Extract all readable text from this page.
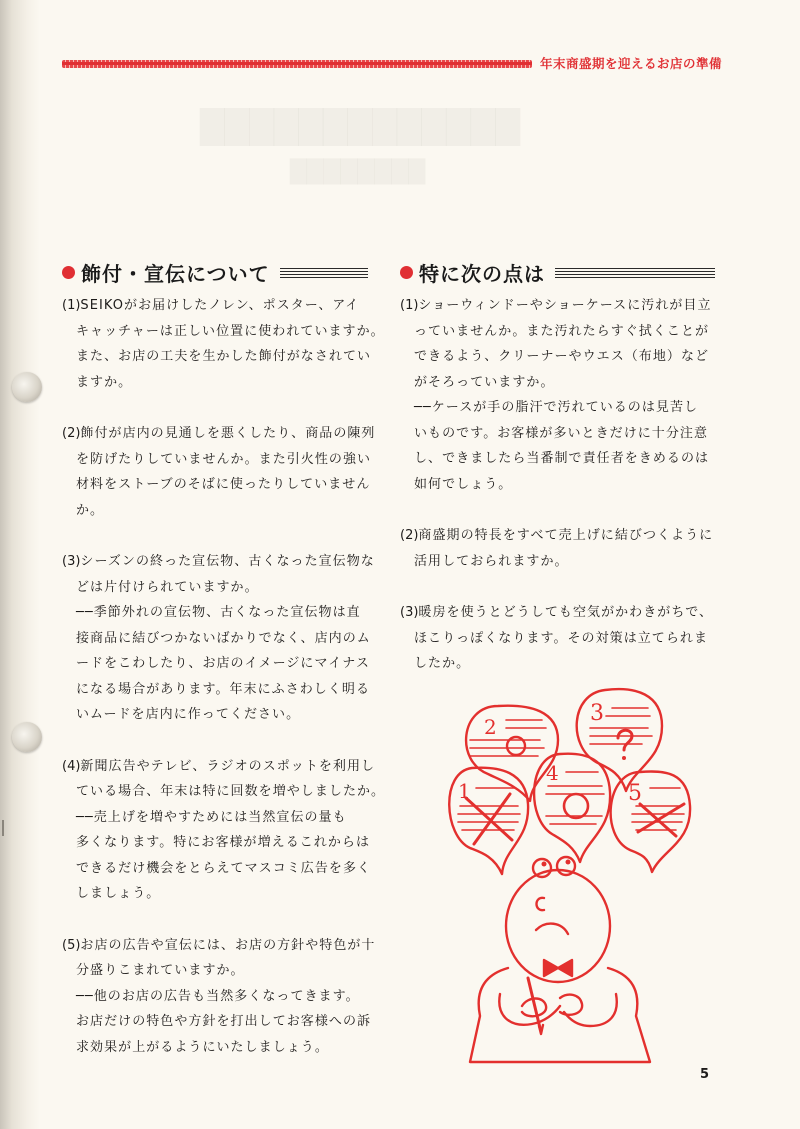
年末商盛期を迎えるお店の準備
█████████████
████████
飾付・宣伝について	特に次の点は
(1)SEIKOがお届けしたノレン、ポスター、アイ
キャッチャーは正しい位置に使われていますか。
また、お店の工夫を生かした飾付がなされてい
ますか。
(2)飾付が店内の見通しを悪くしたり、商品の陳列
を防げたりしていませんか。また引火性の強い
材料をストーブのそばに使ったりしていません
か。
(3)シーズンの終った宣伝物、古くなった宣伝物な
どは片付けられていますか。
──季節外れの宣伝物、古くなった宣伝物は直
接商品に結びつかないばかりでなく、店内のム
ードをこわしたり、お店のイメージにマイナス
になる場合があります。年末にふさわしく明る
いムードを店内に作ってください。
(4)新聞広告やテレビ、ラジオのスポットを利用し
ている場合、年末は特に回数を増やしましたか。
──売上げを増やすためには当然宣伝の量も
多くなります。特にお客様が増えるこれからは
できるだけ機会をとらえてマスコミ広告を多く
しましょう。
(5)お店の広告や宣伝には、お店の方針や特色が十
分盛りこまれていますか。
──他のお店の広告も当然多くなってきます。
お店だけの特色や方針を打出してお客様への訴
求効果が上がるようにいたしましょう。
(1)ショーウィンドーやショーケースに汚れが目立
っていませんか。また汚れたらすぐ拭くことが
できるよう、クリーナーやウエス（布地）など
がそろっていますか。
──ケースが手の脂汗で汚れているのは見苦し
いものです。お客様が多いときだけに十分注意
し、できましたら当番制で責任者をきめるのは
如何でしょう。
(2)商盛期の特長をすべて売上げに結びつくように
活用しておられますか。
(3)暖房を使うとどうしても空気がかわきがちで、
ほこりっぽくなります。その対策は立てられま
したか。
2
3
1
4
5
5
